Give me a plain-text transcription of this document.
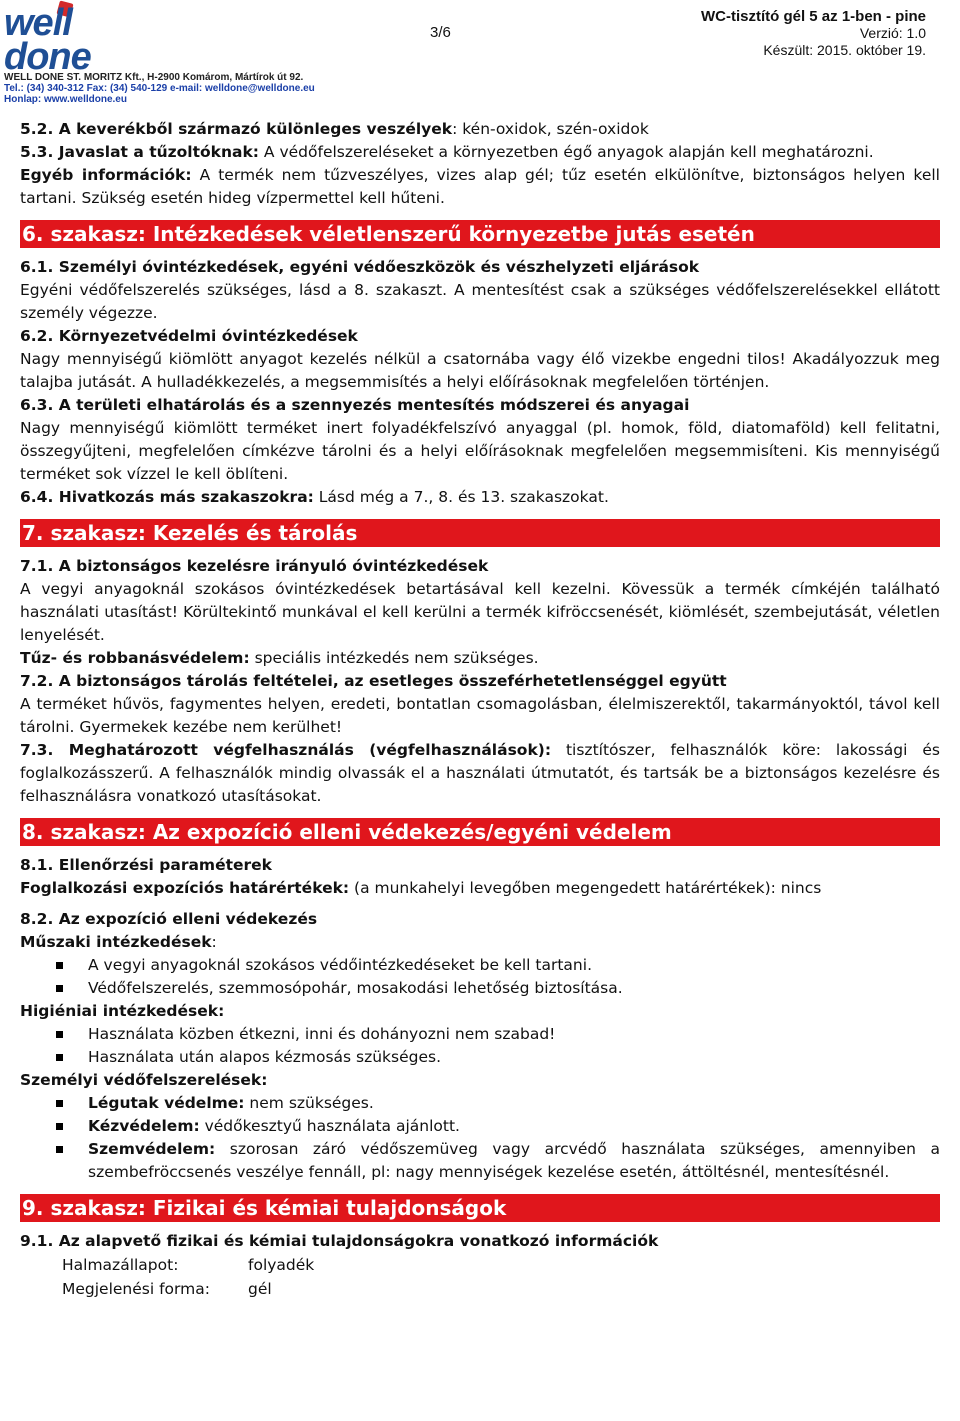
well
done
WELL DONE ST. MORITZ Kft., H-2900 Komárom, Mártírok út 92.
Tel.: (34) 340-312 Fax: (34) 540-129 e-mail: welldone@welldone.eu
Honlap: www.welldone.eu
3/6
WC-tisztító gél 5 az 1-ben - pine
Verzió: 1.0
Készült: 2015. október 19.

5.2. A keverékből származó különleges veszélyek: kén-oxidok, szén-oxidok

5.3. Javaslat a tűzoltóknak: A védőfelszereléseket a környezetben égő anyagok alapján kell meghatározni.

Egyéb információk: A termék nem tűzveszélyes, vizes alap gél; tűz esetén elkülönítve, biztonságos helyen kell tartani. Szükség esetén hideg vízpermettel kell hűteni.

6. szakasz: Intézkedések véletlenszerű környezetbe jutás esetén

6.1. Személyi óvintézkedések, egyéni védőeszközök és vészhelyzeti eljárások

Egyéni védőfelszerelés szükséges, lásd a 8. szakaszt. A mentesítést csak a szükséges védőfelszerelésekkel ellátott személy végezze.

6.2. Környezetvédelmi óvintézkedések

Nagy mennyiségű kiömlött anyagot kezelés nélkül a csatornába vagy élő vizekbe engedni tilos! Akadályozzuk meg talajba jutását. A hulladékkezelés, a megsemmisítés a helyi előírásoknak megfelelően történjen.

6.3. A területi elhatárolás és a szennyezés mentesítés módszerei és anyagai

Nagy mennyiségű kiömlött terméket inert folyadékfelszívó anyaggal (pl. homok, föld, diatomaföld) kell felitatni, összegyűjteni, megfelelően címkézve tárolni és a helyi előírásoknak megfelelően megsemmisíteni. Kis mennyiségű terméket sok vízzel le kell öblíteni.

6.4. Hivatkozás más szakaszokra: Lásd még a 7., 8. és 13. szakaszokat.

7. szakasz: Kezelés és tárolás

7.1. A biztonságos kezelésre irányuló óvintézkedések

A vegyi anyagoknál szokásos óvintézkedések betartásával kell kezelni. Kövessük a termék címkéjén található használati utasítást! Körültekintő munkával el kell kerülni a termék kifröccsenését, kiömlését, szembejutását, véletlen lenyelését.

Tűz- és robbanásvédelem: speciális intézkedés nem szükséges.

7.2. A biztonságos tárolás feltételei, az esetleges összeférhetetlenséggel együtt

A terméket hűvös, fagymentes helyen, eredeti, bontatlan csomagolásban, élelmiszerektől, takarmányoktól, távol kell tárolni. Gyermekek kezébe nem kerülhet!

7.3. Meghatározott végfelhasználás (végfelhasználások): tisztítószer, felhasználók köre: lakossági és foglalkozásszerű. A felhasználók mindig olvassák el a használati útmutatót, és tartsák be a biztonságos kezelésre és felhasználásra vonatkozó utasításokat.

8. szakasz: Az expozíció elleni védekezés/egyéni védelem

8.1. Ellenőrzési paraméterek

Foglalkozási expozíciós határértékek: (a munkahelyi levegőben megengedett határértékek): nincs

8.2. Az expozíció elleni védekezés

Műszaki intézkedések:

A vegyi anyagoknál szokásos védőintézkedéseket be kell tartani.
Védőfelszerelés, szemmosópohár, mosakodási lehetőség biztosítása.

Higiéniai intézkedések:

Használata közben étkezni, inni és dohányozni nem szabad!
Használata után alapos kézmosás szükséges.

Személyi védőfelszerelések:

Légutak védelme: nem szükséges.
Kézvédelem: védőkesztyű használata ajánlott.
Szemvédelem: szorosan záró védőszemüveg vagy arcvédő használata szükséges, amennyiben a szembefröccsenés veszélye fennáll, pl: nagy mennyiségek kezelése esetén, áttöltésnél, mentesítésnél.
9. szakasz: Fizikai és kémiai tulajdonságok

9.1. Az alapvető fizikai és kémiai tulajdonságokra vonatkozó információk

Halmazállapot:	folyadék
Megjelenési forma:	gél
